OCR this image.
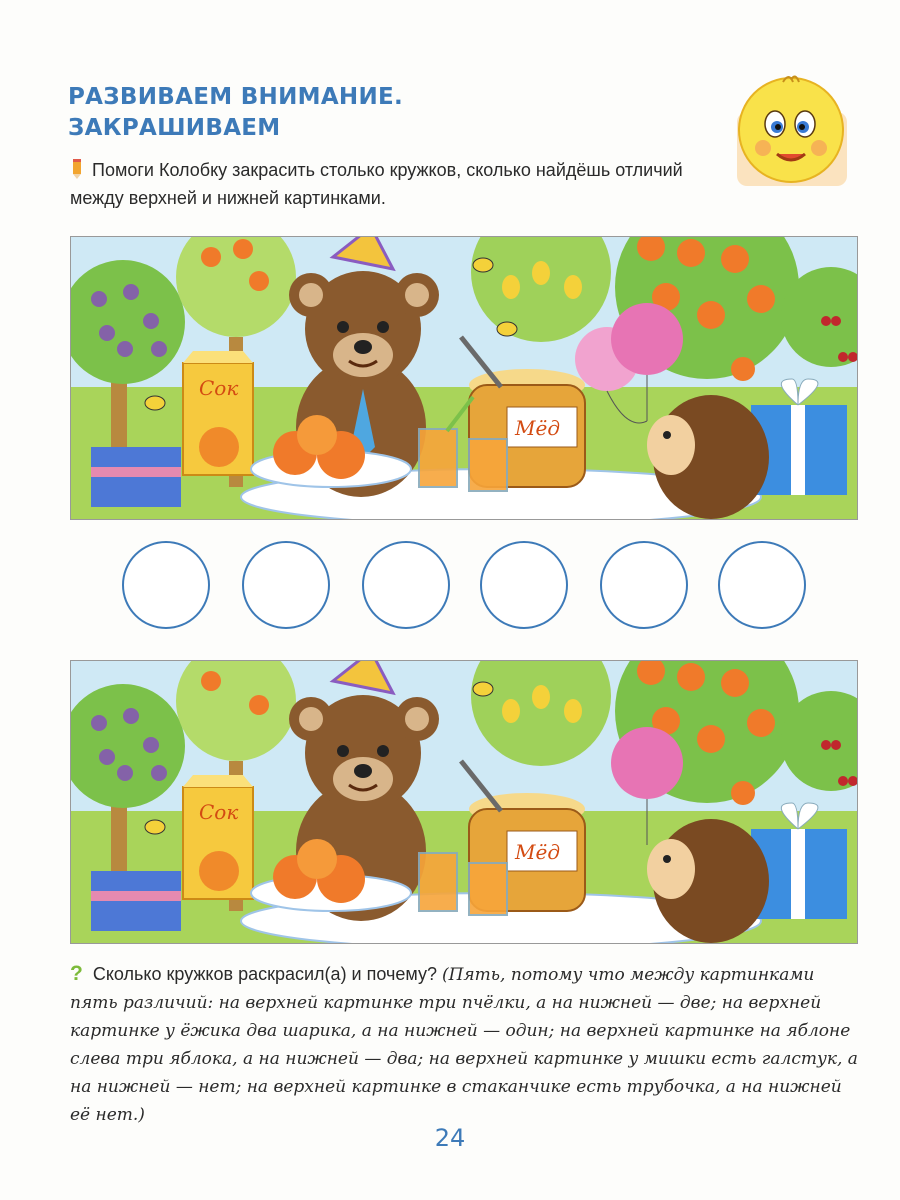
РАЗВИВАЕМ ВНИМАНИЕ.
ЗАКРАШИВАЕМ
Помоги Колобку закрасить столько кружков, сколько найдёшь отличий между верхней и нижней картинками.
Сок
Мёд
Сок
Мёд
? Сколько кружков раскрасил(а) и почему? (Пять, потому что между картинками пять различий: на верхней картинке три пчёлки, а на нижней — две; на верхней картинке у ёжика два шарика, а на нижней — один; на верхней картинке на яблоне слева три яблока, а на нижней — два; на верхней картинке у мишки есть галстук, а на нижней — нет; на верхней картинке в стаканчике есть трубочка, а на нижней её нет.)
24
